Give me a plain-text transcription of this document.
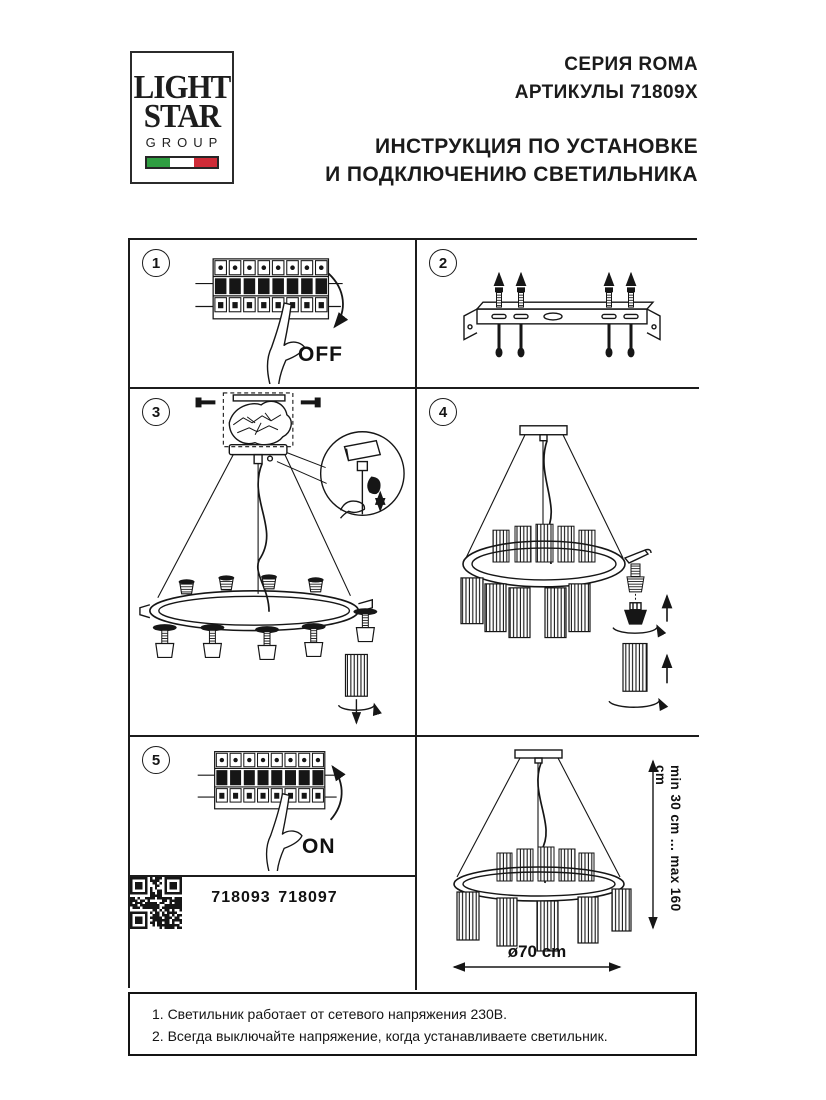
LIGHT
STAR
GROUP
СЕРИЯ ROMA
АРТИКУЛЫ 71809X
ИНСТРУКЦИЯ ПО УСТАНОВКЕ
И ПОДКЛЮЧЕНИЮ СВЕТИЛЬНИКА
1
OFF
2
3	4
5
ON
718093 718097	min 30 cm ... max 160 cm
ø70 cm
1. Светильник работает от сетевого напряжения 230В.
2. Всегда выключайте напряжение, когда устанавливаете светильник.
